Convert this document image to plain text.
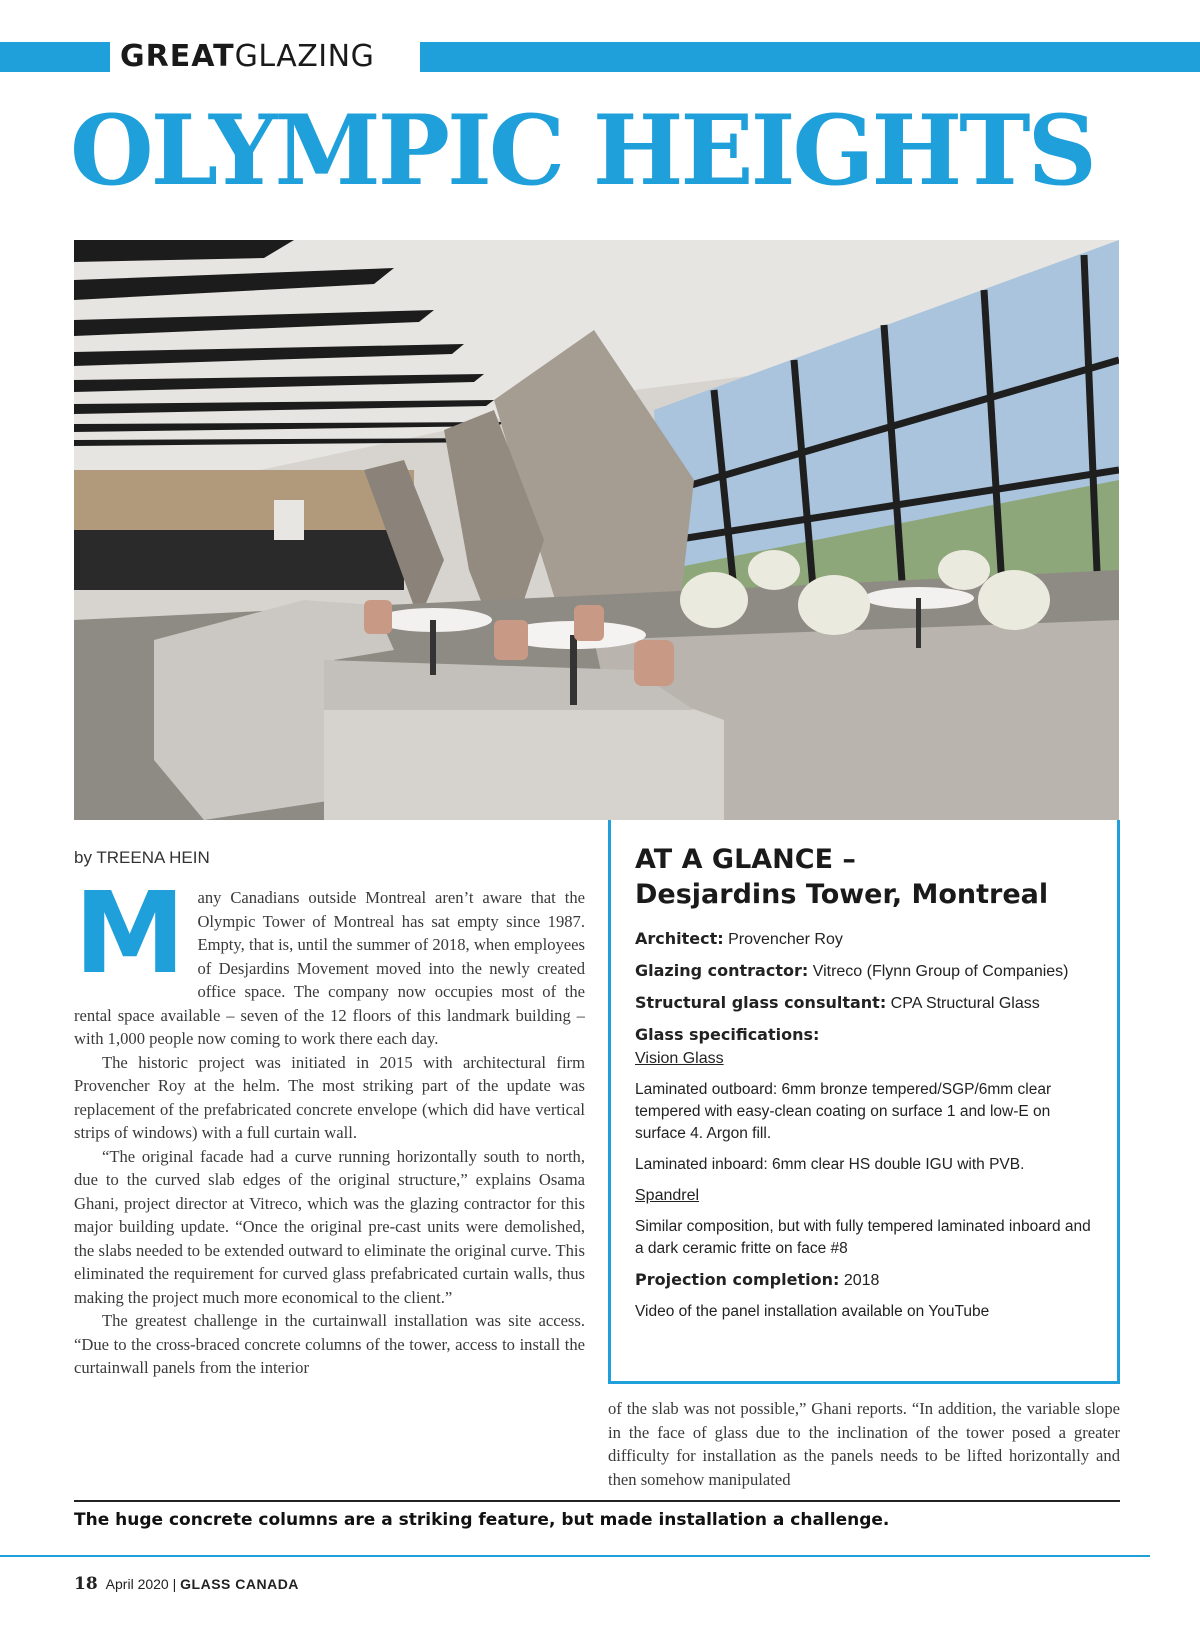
GREATGLAZING
OLYMPIC HEIGHTS
by TREENA HEIN

Many Canadians outside Montreal aren’t aware that the Olympic Tower of Montreal has sat empty since 1987. Empty, that is, until the summer of 2018, when employees of Desjardins Movement moved into the newly created office space. The company now occupies most of the rental space available – seven of the 12 floors of this landmark building – with 1,000 people now coming to work there each day.

The historic project was initiated in 2015 with architectural firm Provencher Roy at the helm. The most striking part of the update was replacement of the prefabricated concrete envelope (which did have vertical strips of windows) with a full curtain wall.

“The original facade had a curve running horizontally south to north, due to the curved slab edges of the original structure,” explains Osama Ghani, project director at Vitreco, which was the glazing contractor for this major building update. “Once the original pre-cast units were demolished, the slabs needed to be extended outward to eliminate the original curve. This eliminated the requirement for curved glass prefabricated curtain walls, thus making the project much more economical to the client.”

The greatest challenge in the curtainwall installation was site access. “Due to the cross-braced concrete columns of the tower, access to install the curtainwall panels from the interior

AT A GLANCE –
Desjardins Tower, Montreal
Architect: Provencher Roy
Glazing contractor: Vitreco (Flynn Group of Companies)
Structural glass consultant: CPA Structural Glass
Glass specifications:
Vision Glass
Laminated outboard: 6mm bronze tempered/SGP/6mm clear tempered with easy-clean coating on surface 1 and low-E on surface 4. Argon fill.
Laminated inboard: 6mm clear HS double IGU with PVB.
Spandrel
Similar composition, but with fully tempered laminated inboard and a dark ceramic fritte on face #8
Projection completion: 2018
Video of the panel installation available on YouTube

of the slab was not possible,” Ghani reports. “In addition, the variable slope in the face of glass due to the inclination of the tower posed a greater difficulty for installation as the panels needs to be lifted horizontally and then somehow manipulated

The huge concrete columns are a striking feature, but made installation a challenge.
18 April 2020 | GLASS CANADA
